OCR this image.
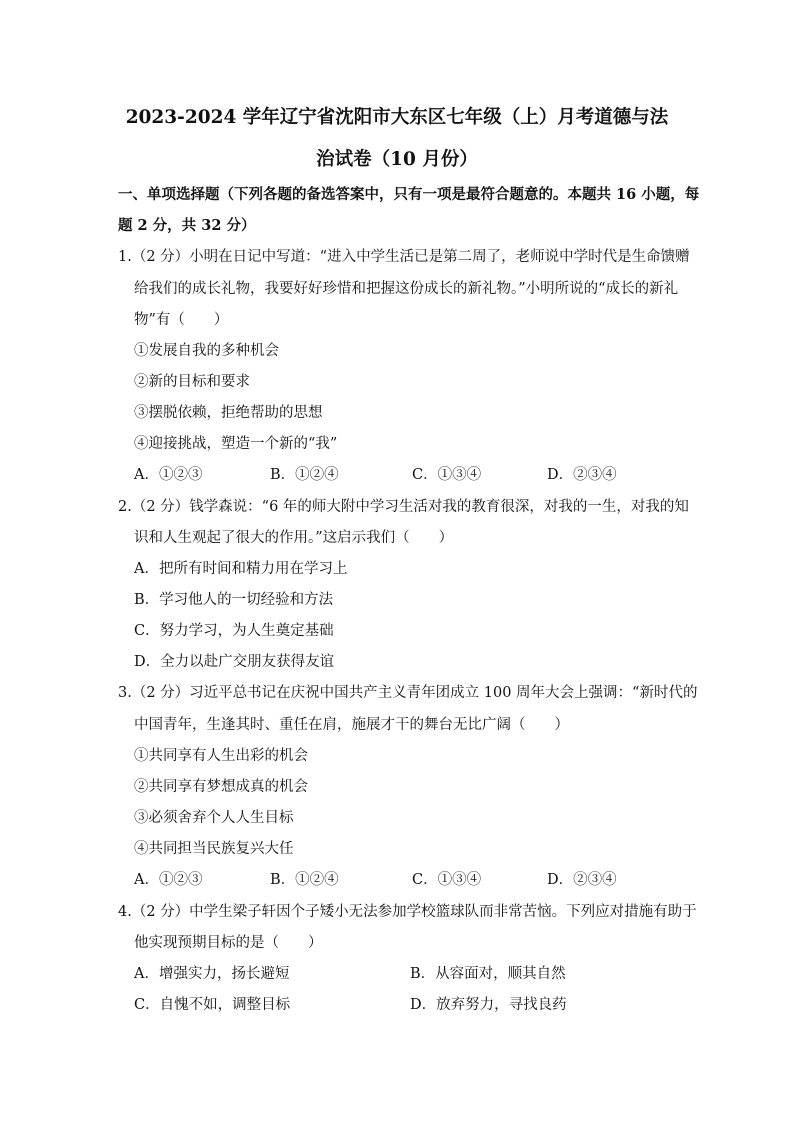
2023-2024 学年辽宁省沈阳市大东区七年级（上）月考道德与法
治试卷（10 月份）
一、单项选择题（下列各题的备选答案中，只有一项是最符合题意的。本题共 16 小题，每
题 2 分，共 32 分）
1.（2 分）小明在日记中写道：“进入中学生活已是第二周了，老师说中学时代是生命馈赠
给我们的成长礼物，我要好好珍惜和把握这份成长的新礼物。”小明所说的“成长的新礼
物”有（　　）
①发展自我的多种机会
②新的目标和要求
③摆脱依赖，拒绝帮助的思想
④迎接挑战，塑造一个新的“我”
A．①②③	B．①②④	C．①③④	D．②③④
2.（2 分）钱学森说：“6 年的师大附中学习生活对我的教育很深，对我的一生，对我的知
识和人生观起了很大的作用。”这启示我们（　　）
A．把所有时间和精力用在学习上
B．学习他人的一切经验和方法
C．努力学习，为人生奠定基础
D．全力以赴广交朋友获得友谊
3.（2 分）习近平总书记在庆祝中国共产主义青年团成立 100 周年大会上强调：“新时代的
中国青年，生逢其时、重任在肩，施展才干的舞台无比广阔（　　）
①共同享有人生出彩的机会
②共同享有梦想成真的机会
③必须舍弃个人人生目标
④共同担当民族复兴大任
A．①②③	B．①②④	C．①③④	D．②③④
4.（2 分）中学生梁子轩因个子矮小无法参加学校篮球队而非常苦恼。下列应对措施有助于
他实现预期目标的是（　　）
A．增强实力，扬长避短	B．从容面对，顺其自然
C．自愧不如，调整目标	D．放弃努力，寻找良药
